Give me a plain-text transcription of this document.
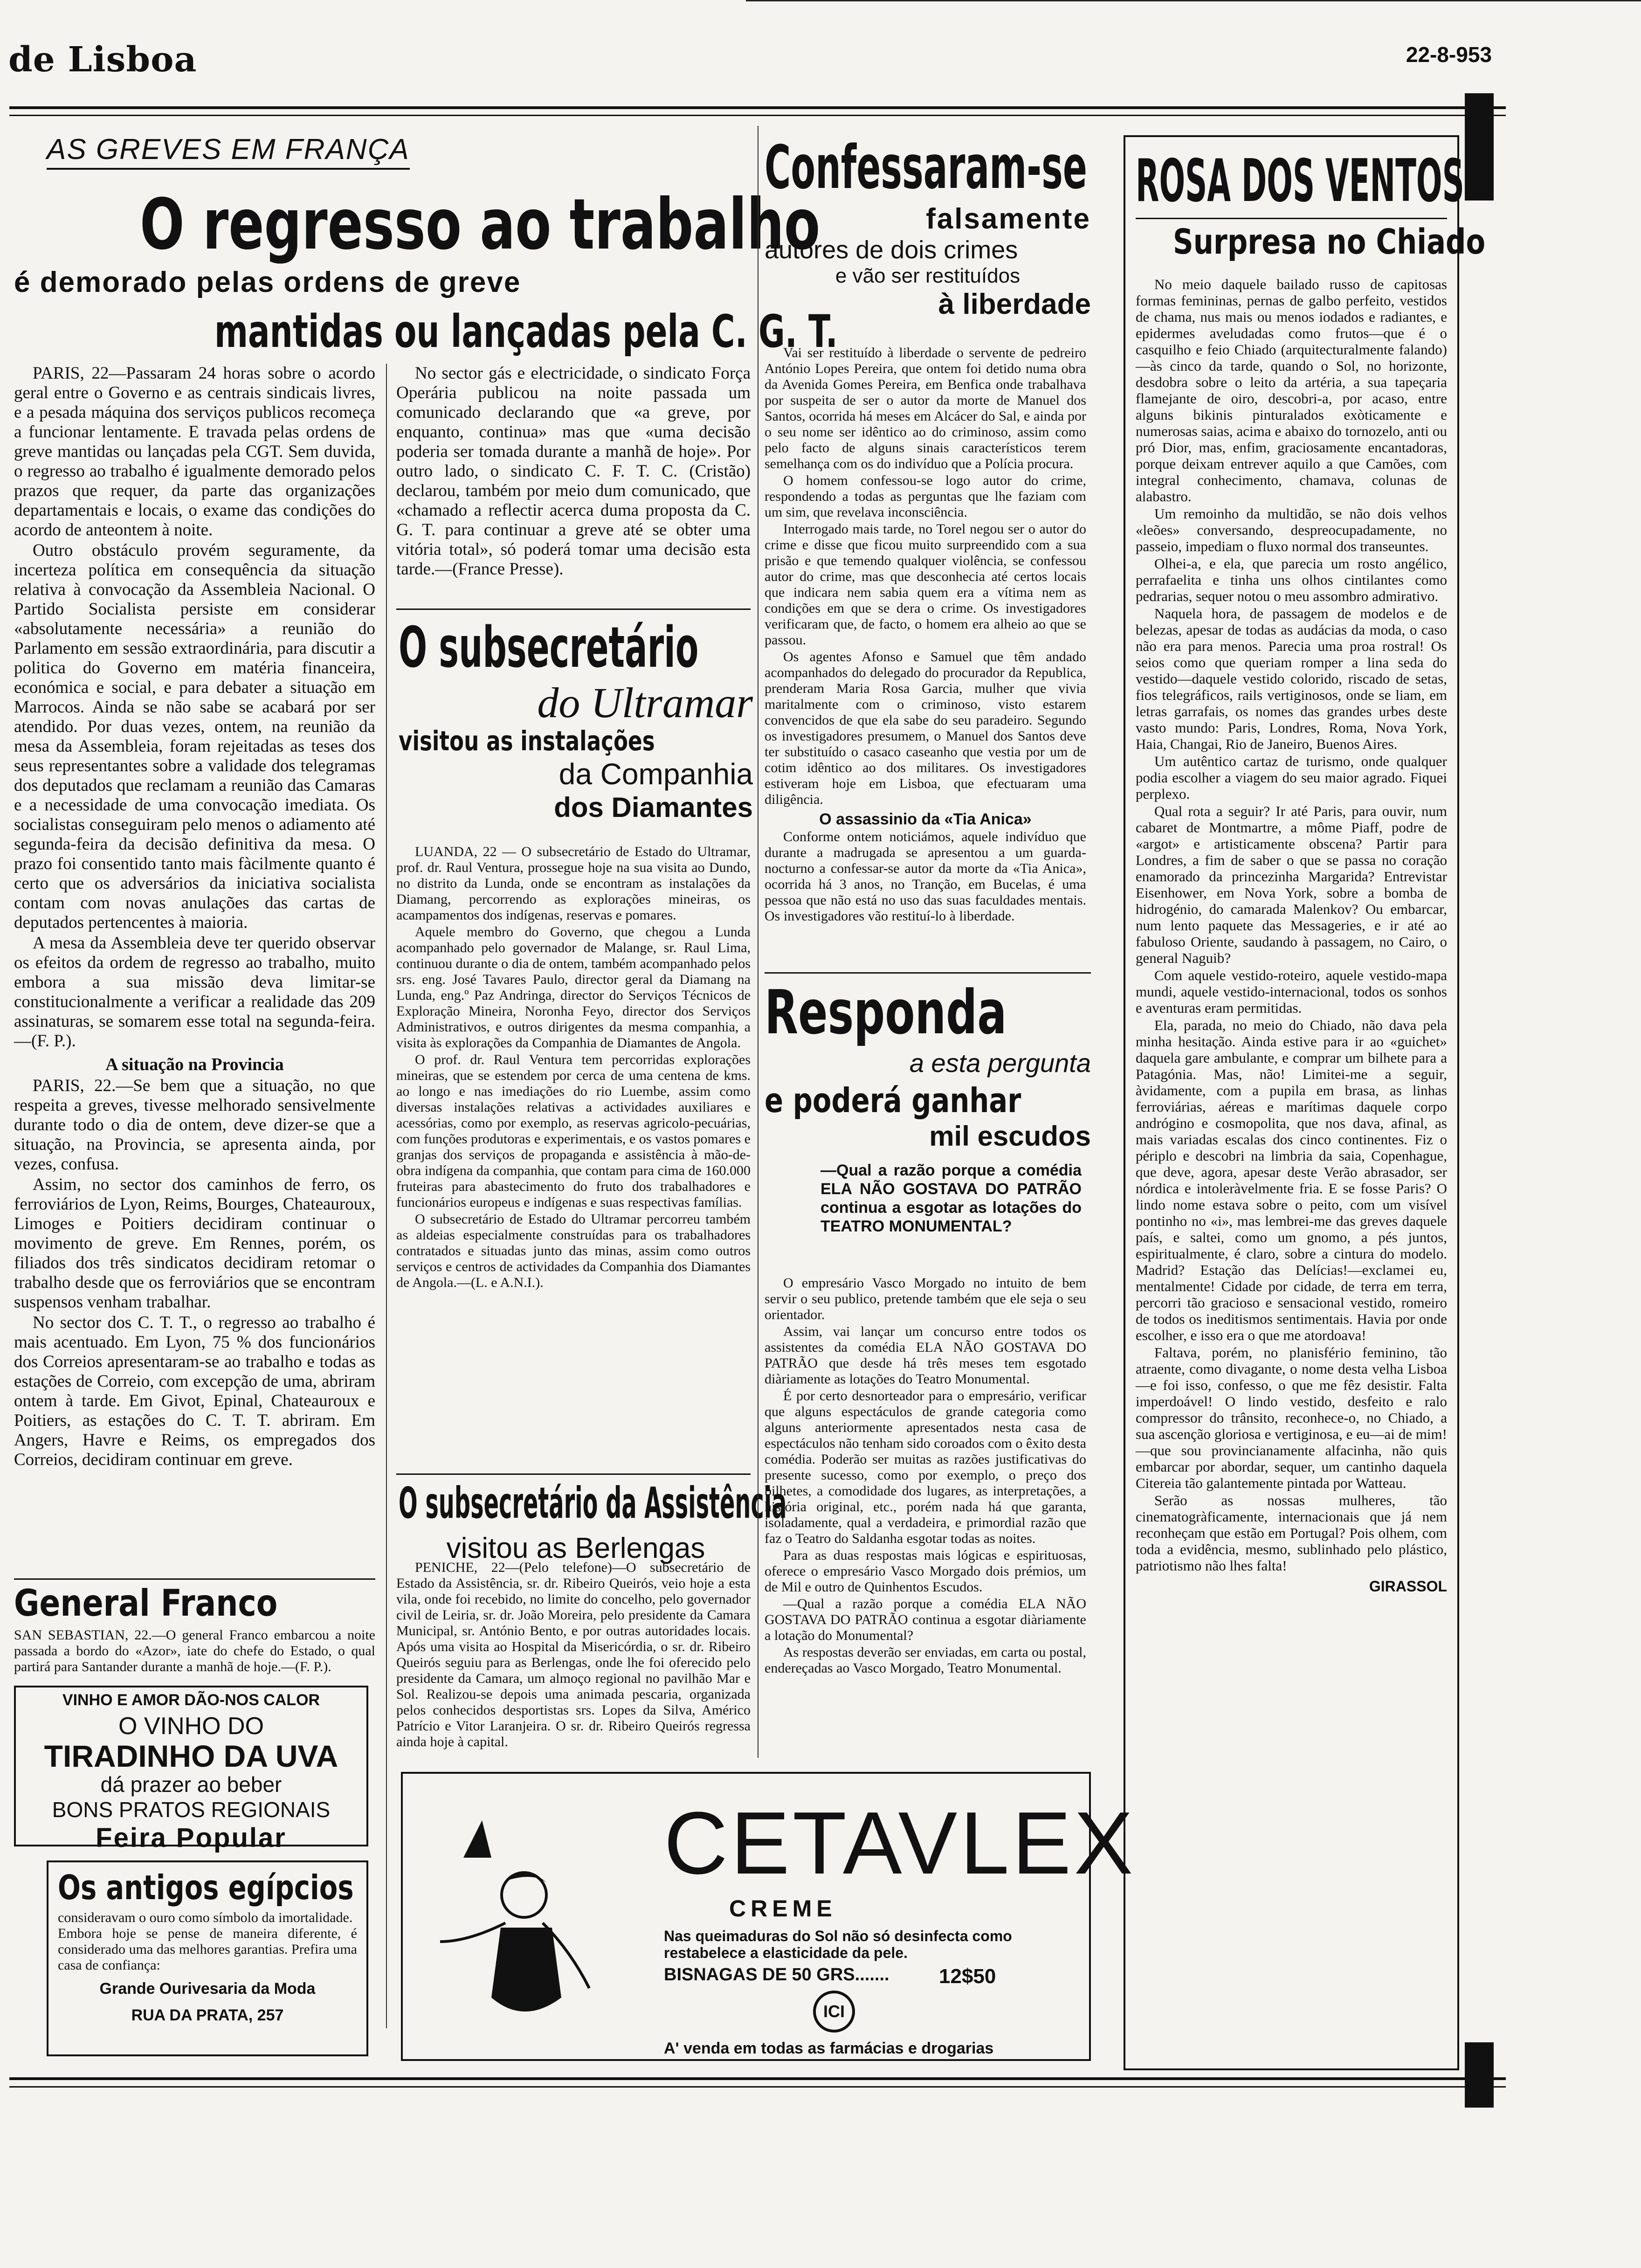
de Lisboa	22-8-953
AS GREVES EM FRANÇA
O regresso ao trabalho
é demorado pelas ordens de greve
mantidas ou lançadas pela C. G. T.

PARIS, 22—Passaram 24 horas sobre o acordo geral entre o Governo e as centrais sindicais livres, e a pesada máquina dos serviços publicos recomeça a funcionar lentamente. E travada pelas ordens de greve mantidas ou lançadas pela CGT. Sem duvida, o regresso ao trabalho é igualmente demorado pelos prazos que requer, da parte das organizações departamentais e locais, o exame das condições do acordo de anteontem à noite.

Outro obstáculo provém seguramente, da incerteza política em consequência da situação relativa à convocação da Assembleia Nacional. O Partido Socialista persiste em considerar «absolutamente necessária» a reunião do Parlamento em sessão extraordinária, para discutir a politica do Governo em matéria financeira, económica e social, e para debater a situação em Marrocos. Ainda se não sabe se acabará por ser atendido. Por duas vezes, ontem, na reunião da mesa da Assembleia, foram rejeitadas as teses dos seus representantes sobre a validade dos telegramas dos deputados que reclamam a reunião das Camaras e a necessidade de uma convocação imediata. Os socialistas conseguiram pelo menos o adiamento até segunda-feira da decisão definitiva da mesa. O prazo foi consentido tanto mais fàcilmente quanto é certo que os adversários da iniciativa socialista contam com novas anulações das cartas de deputados pertencentes à maioria.

A mesa da Assembleia deve ter querido observar os efeitos da ordem de regresso ao trabalho, muito embora a sua missão deva limitar-se constitucionalmente a verificar a realidade das 209 assinaturas, se somarem esse total na segunda-feira.—(F. P.).

A situação na Provincia

PARIS, 22.—Se bem que a situação, no que respeita a greves, tivesse melhorado sensivelmente durante todo o dia de ontem, deve dizer-se que a situação, na Provincia, se apresenta ainda, por vezes, confusa.

Assim, no sector dos caminhos de ferro, os ferroviários de Lyon, Reims, Bourges, Chateauroux, Limoges e Poitiers decidiram continuar o movimento de greve. Em Rennes, porém, os filiados dos três sindicatos decidiram retomar o trabalho desde que os ferroviários que se encontram suspensos venham trabalhar.

No sector dos C. T. T., o regresso ao trabalho é mais acentuado. Em Lyon, 75 % dos funcionários dos Correios apresentaram-se ao trabalho e todas as estações de Correio, com excepção de uma, abriram ontem à tarde. Em Givot, Epinal, Chateauroux e Poitiers, as estações do C. T. T. abriram. Em Angers, Havre e Reims, os empregados dos Correios, decidiram continuar em greve.

General Franco
SAN SEBASTIAN, 22.—O general Franco embarcou a noite passada a bordo do «Azor», iate do chefe do Estado, o qual partirá para Santander durante a manhã de hoje.—(F. P.).
VINHO E AMOR DÃO-NOS CALOR
O VINHO DO
TIRADINHO DA UVA
dá prazer ao beber
BONS PRATOS REGIONAIS
Feira Popular
Os antigos egípcios
consideravam o ouro como símbolo da imortalidade.
Embora hoje se pense de maneira diferente, é considerado uma das melhores garantias. Prefira uma casa de confiança:
Grande Ourivesaria da Moda
RUA DA PRATA, 257

No sector gás e electricidade, o sindicato Força Operária publicou na noite passada um comunicado declarando que «a greve, por enquanto, continua» mas que «uma decisão poderia ser tomada durante a manhã de hoje». Por outro lado, o sindicato C. F. T. C. (Cristão) declarou, também por meio dum comunicado, que «chamado a reflectir acerca duma proposta da C. G. T. para continuar a greve até se obter uma vitória total», só poderá tomar uma decisão esta tarde.—(France Presse).

O subsecretário
do Ultramar
visitou as instalações
da Companhia
dos Diamantes

LUANDA, 22 — O subsecretário de Estado do Ultramar, prof. dr. Raul Ventura, prossegue hoje na sua visita ao Dundo, no distrito da Lunda, onde se encontram as instalações da Diamang, percorrendo as explorações mineiras, os acampamentos dos indígenas, reservas e pomares.

Aquele membro do Governo, que chegou a Lunda acompanhado pelo governador de Malange, sr. Raul Lima, continuou durante o dia de ontem, também acompanhado pelos srs. eng. José Tavares Paulo, director geral da Diamang na Lunda, eng.º Paz Andringa, director do Serviços Técnicos de Exploração Mineira, Noronha Feyo, director dos Serviços Administrativos, e outros dirigentes da mesma companhia, a visita às explorações da Companhia de Diamantes de Angola.

O prof. dr. Raul Ventura tem percorridas explorações mineiras, que se estendem por cerca de uma centena de kms. ao longo e nas imediações do rio Luembe, assim como diversas instalações relativas a actividades auxiliares e acessórias, como por exemplo, as reservas agricolo-pecuárias, com funções produtoras e experimentais, e os vastos pomares e granjas dos serviços de propaganda e assistência à mão-de-obra indígena da companhia, que contam para cima de 160.000 fruteiras para abastecimento do fruto dos trabalhadores e funcionários europeus e indígenas e suas respectivas famílias.

O subsecretário de Estado do Ultramar percorreu também as aldeias especialmente construídas para os trabalhadores contratados e situadas junto das minas, assim como outros serviços e centros de actividades da Companhia dos Diamantes de Angola.—(L. e A.N.I.).

O subsecretário da Assistência
visitou as Berlengas

PENICHE, 22—(Pelo telefone)—O subsecretário de Estado da Assistência, sr. dr. Ribeiro Queirós, veio hoje a esta vila, onde foi recebido, no limite do concelho, pelo governador civil de Leiria, sr. dr. João Moreira, pelo presidente da Camara Municipal, sr. António Bento, e por outras autoridades locais. Após uma visita ao Hospital da Misericórdia, o sr. dr. Ribeiro Queirós seguiu para as Berlengas, onde lhe foi oferecido pelo presidente da Camara, um almoço regional no pavilhão Mar e Sol. Realizou-se depois uma animada pescaria, organizada pelos conhecidos desportistas srs. Lopes da Silva, Américo Patrício e Vitor Laranjeira. O sr. dr. Ribeiro Queirós regressa ainda hoje à capital.

Confessaram-se
falsamente
autores de dois crimes
e vão ser restituídos
à liberdade

Vai ser restituído à liberdade o servente de pedreiro António Lopes Pereira, que ontem foi detido numa obra da Avenida Gomes Pereira, em Benfica onde trabalhava por suspeita de ser o autor da morte de Manuel dos Santos, ocorrida há meses em Alcácer do Sal, e ainda por o seu nome ser idêntico ao do criminoso, assim como pelo facto de alguns sinais característicos terem semelhança com os do indivíduo que a Polícia procura.

O homem confessou-se logo autor do crime, respondendo a todas as perguntas que lhe faziam com um sim, que revelava inconsciência.

Interrogado mais tarde, no Torel negou ser o autor do crime e disse que ficou muito surpreendido com a sua prisão e que temendo qualquer violência, se confessou autor do crime, mas que desconhecia até certos locais que indicara nem sabia quem era a vítima nem as condições em que se dera o crime. Os investigadores verificaram que, de facto, o homem era alheio ao que se passou.

Os agentes Afonso e Samuel que têm andado acompanhados do delegado do procurador da Republica, prenderam Maria Rosa Garcia, mulher que vivia maritalmente com o criminoso, visto estarem convencidos de que ela sabe do seu paradeiro. Segundo os investigadores presumem, o Manuel dos Santos deve ter substituído o casaco caseanho que vestia por um de cotim idêntico ao dos militares. Os investigadores estiveram hoje em Lisboa, que efectuaram uma diligência.

O assassinio da «Tia Anica»

Conforme ontem noticiámos, aquele indivíduo que durante a madrugada se apresentou a um guarda-nocturno a confessar-se autor da morte da «Tia Anica», ocorrida há 3 anos, no Tranção, em Bucelas, é uma pessoa que não está no uso das suas faculdades mentais. Os investigadores vão restituí-lo à liberdade.

Responda
a esta pergunta
e poderá ganhar
mil escudos
—Qual a razão porque a comédia ELA NÃO GOSTAVA DO PATRÃO continua a esgotar as lotações do TEATRO MONUMENTAL?

O empresário Vasco Morgado no intuito de bem servir o seu publico, pretende também que ele seja o seu orientador.

Assim, vai lançar um concurso entre todos os assistentes da comédia ELA NÃO GOSTAVA DO PATRÃO que desde há três meses tem esgotado diàriamente as lotações do Teatro Monumental.

É por certo desnorteador para o empresário, verificar que alguns espectáculos de grande categoria como alguns anteriormente apresentados nesta casa de espectáculos não tenham sido coroados com o êxito desta comédia. Poderão ser muitas as razões justificativas do presente sucesso, como por exemplo, o preço dos bilhetes, a comodidade dos lugares, as interpretações, a história original, etc., porém nada há que garanta, isoladamente, qual a verdadeira, e primordial razão que faz o Teatro do Saldanha esgotar todas as noites.

Para as duas respostas mais lógicas e espirituosas, oferece o empresário Vasco Morgado dois prémios, um de Mil e outro de Quinhentos Escudos.

—Qual a razão porque a comédia ELA NÃO GOSTAVA DO PATRÃO continua a esgotar diàriamente a lotação do Monumental?

As respostas deverão ser enviadas, em carta ou postal, endereçadas ao Vasco Morgado, Teatro Monumental.

CETAVLEX
CREME
Nas queimaduras do Sol não só desinfecta como restabelece a elasticidade da pele.
BISNAGAS DE 50 GRS....... 12$50
ICI
A' venda em todas as farmácias e drogarias
ROSA DOS VENTOS
Surpresa no Chiado

No meio daquele bailado russo de capitosas formas femininas, pernas de galbo perfeito, vestidos de chama, nus mais ou menos iodados e radiantes, e epidermes aveludadas como frutos—que é o casquilho e feio Chiado (arquitecturalmente falando)—às cinco da tarde, quando o Sol, no horizonte, desdobra sobre o leito da artéria, a sua tapeçaria flamejante de oiro, descobri-a, por acaso, entre alguns bikinis pinturalados exòticamente e numerosas saias, acima e abaixo do tornozelo, anti ou pró Dior, mas, enfim, graciosamente encantadoras, porque deixam entrever aquilo a que Camões, com integral conhecimento, chamava, colunas de alabastro.

Um remoinho da multidão, se não dois velhos «leões» conversando, despreocupadamente, no passeio, impediam o fluxo normal dos transeuntes.

Olhei-a, e ela, que parecia um rosto angélico, perrafaelita e tinha uns olhos cintilantes como pedrarias, sequer notou o meu assombro admirativo.

Naquela hora, de passagem de modelos e de belezas, apesar de todas as audácias da moda, o caso não era para menos. Parecia uma proa rostral! Os seios como que queriam romper a lina seda do vestido—daquele vestido colorido, riscado de setas, fios telegráficos, rails vertiginosos, onde se liam, em letras garrafais, os nomes das grandes urbes deste vasto mundo: Paris, Londres, Roma, Nova York, Haia, Changai, Rio de Janeiro, Buenos Aires.

Um autêntico cartaz de turismo, onde qualquer podia escolher a viagem do seu maior agrado. Fiquei perplexo.

Qual rota a seguir? Ir até Paris, para ouvir, num cabaret de Montmartre, a môme Piaff, podre de «argot» e artisticamente obscena? Partir para Londres, a fim de saber o que se passa no coração enamorado da princezinha Margarida? Entrevistar Eisenhower, em Nova York, sobre a bomba de hidrogénio, do camarada Malenkov? Ou embarcar, num lento paquete das Messageries, e ir até ao fabuloso Oriente, saudando à passagem, no Cairo, o general Naguib?

Com aquele vestido-roteiro, aquele vestido-mapa mundi, aquele vestido-internacional, todos os sonhos e aventuras eram permitidas.

Ela, parada, no meio do Chiado, não dava pela minha hesitação. Ainda estive para ir ao «guichet» daquela gare ambulante, e comprar um bilhete para a Patagónia. Mas, não! Limitei-me a seguir, àvidamente, com a pupila em brasa, as linhas ferroviárias, aéreas e marítimas daquele corpo andrógino e cosmopolita, que nos dava, afinal, as mais variadas escalas dos cinco continentes. Fiz o périplo e descobri na limbria da saia, Copenhague, que deve, agora, apesar deste Verão abrasador, ser nórdica e intoleràvelmente fria. E se fosse Paris? O lindo nome estava sobre o peito, com um visível pontinho no «i», mas lembrei-me das greves daquele país, e saltei, como um gnomo, a pés juntos, espiritualmente, é claro, sobre a cintura do modelo. Madrid? Estação das Delícias!—exclamei eu, mentalmente! Cidade por cidade, de terra em terra, percorri tão gracioso e sensacional vestido, romeiro de todos os ineditismos sentimentais. Havia por onde escolher, e isso era o que me atordoava!

Faltava, porém, no planisfério feminino, tão atraente, como divagante, o nome desta velha Lisboa—e foi isso, confesso, o que me fêz desistir. Falta imperdoável! O lindo vestido, desfeito e ralo compressor do trânsito, reconhece-o, no Chiado, a sua ascenção gloriosa e vertiginosa, e eu—ai de mim!—que sou provincianamente alfacinha, não quis embarcar por abordar, sequer, um cantinho daquela Citereia tão galantemente pintada por Watteau.

Serão as nossas mulheres, tão cinematogràficamente, internacionais que já nem reconheçam que estão em Portugal? Pois olhem, com toda a evidência, mesmo, sublinhado pelo plástico, patriotismo não lhes falta!

GIRASSOL
